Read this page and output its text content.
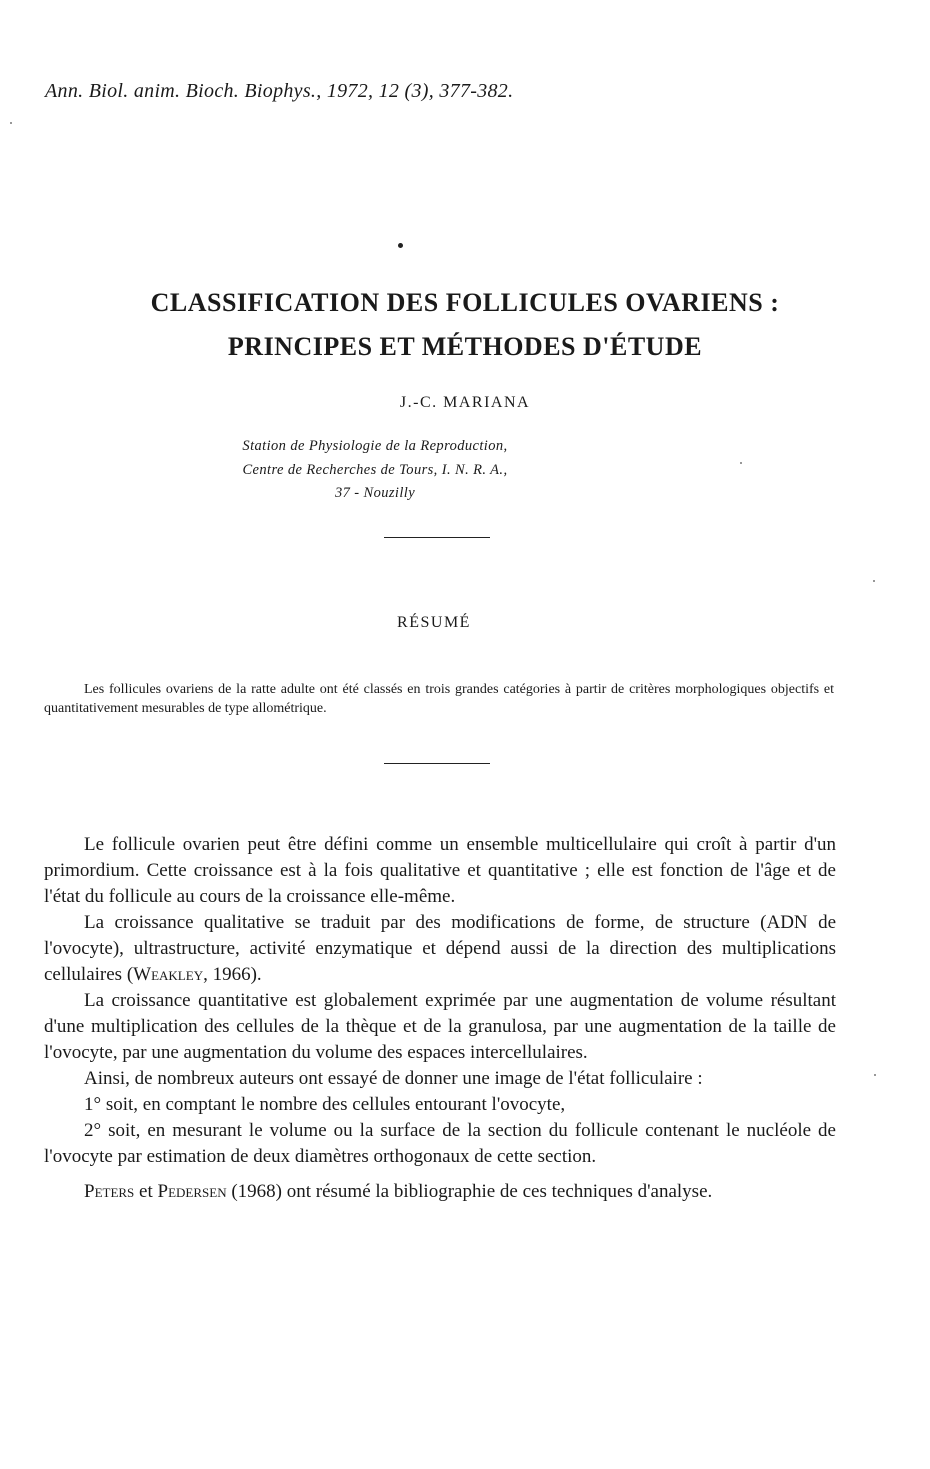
Ann. Biol. anim. Bioch. Biophys., 1972, 12 (3), 377-382.
CLASSIFICATION DES FOLLICULES OVARIENS :
PRINCIPES ET MÉTHODES D'ÉTUDE
J.-C. MARIANA
Station de Physiologie de la Reproduction,
Centre de Recherches de Tours, I. N. R. A.,
37 - Nouzilly
RÉSUMÉ
Les follicules ovariens de la ratte adulte ont été classés en trois grandes catégories à partir de critères morphologiques objectifs et quantitativement mesurables de type allométrique.

Le follicule ovarien peut être défini comme un ensemble multicellulaire qui croît à partir d'un primordium. Cette croissance est à la fois qualitative et quantitative ; elle est fonction de l'âge et de l'état du follicule au cours de la croissance elle-même.

La croissance qualitative se traduit par des modifications de forme, de structure (ADN de l'ovocyte), ultrastructure, activité enzymatique et dépend aussi de la direction des multiplications cellulaires (Weakley, 1966).

La croissance quantitative est globalement exprimée par une augmentation de volume résultant d'une multiplication des cellules de la thèque et de la granulosa, par une augmentation de la taille de l'ovocyte, par une augmentation du volume des espaces intercellulaires.

Ainsi, de nombreux auteurs ont essayé de donner une image de l'état folliculaire :

1° soit, en comptant le nombre des cellules entourant l'ovocyte,

2° soit, en mesurant le volume ou la surface de la section du follicule contenant le nucléole de l'ovocyte par estimation de deux diamètres orthogonaux de cette section.

Peters et Pedersen (1968) ont résumé la bibliographie de ces techniques d'analyse.
